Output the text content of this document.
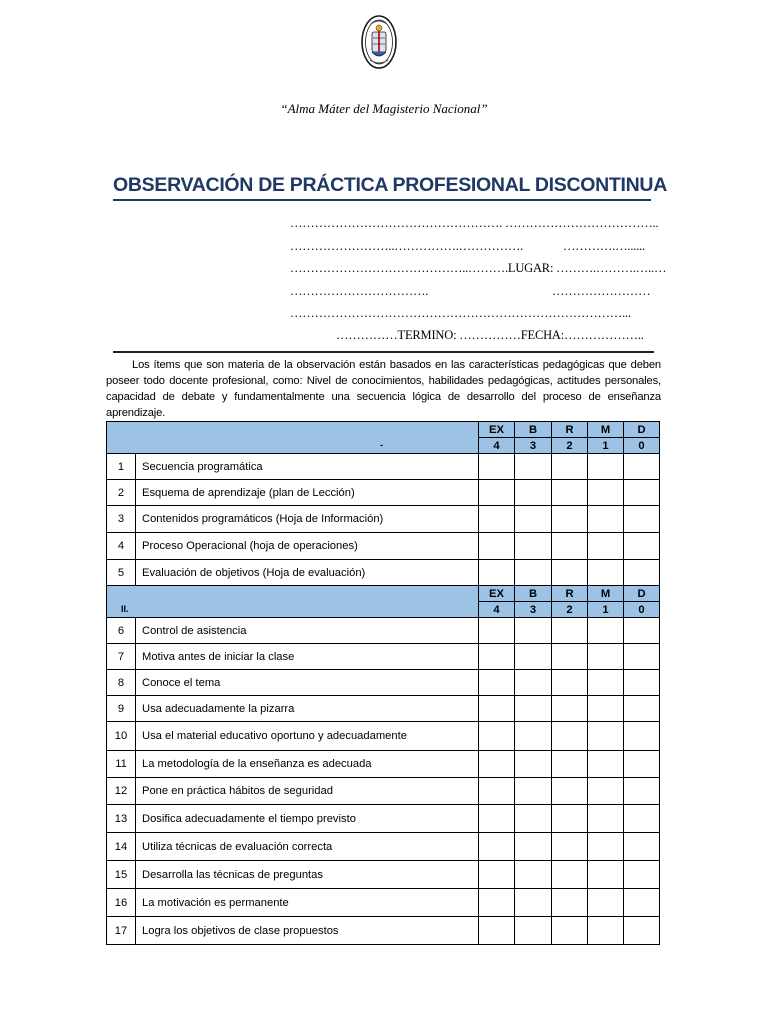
“Alma Máter del Magisterio Nacional”
OBSERVACIÓN DE PRÁCTICA PROFESIONAL DISCONTINUA
……………………………………………. ………………………………..
……………………..…………….…………….	………….…......
……………………………………..……….LUGAR: ……….……….…..…
…………………………….	……………………
………………………………………………………………………...
……………TERMINO: ……………FECHA:………………..
Los ítems que son materia de la observación están basados en las características pedagógicas que deben poseer todo docente profesional, como: Nivel de conocimientos, habilidades pedagógicas, actitudes personales, capacidad de debate y fundamentalmente una secuencia lógica de desarrollo del proceso de enseñanza aprendizaje.
-		EX	B	R	M	D
		4	3	2	1	0
1	Secuencia programática					
2	Esquema de aprendizaje (plan de Lección)					
3	Contenidos programáticos (Hoja de Información)					
4	Proceso Operacional (hoja de operaciones)					
5	Evaluación de objetivos (Hoja de evaluación)					

II.		EX	B	R	M	D
		4	3	2	1	0
6	Control de asistencia					
7	Motiva antes de iniciar la clase					
8	Conoce el tema					
9	Usa adecuadamente la pizarra					
10	Usa el material educativo oportuno y adecuadamente					
11	La metodología de la enseñanza es adecuada					
12	Pone en práctica hábitos de seguridad					
13	Dosifica adecuadamente el tiempo previsto					
14	Utiliza técnicas de evaluación correcta					
15	Desarrolla las técnicas de preguntas					
16	La motivación es permanente					
17	Logra los objetivos de clase propuestos					
